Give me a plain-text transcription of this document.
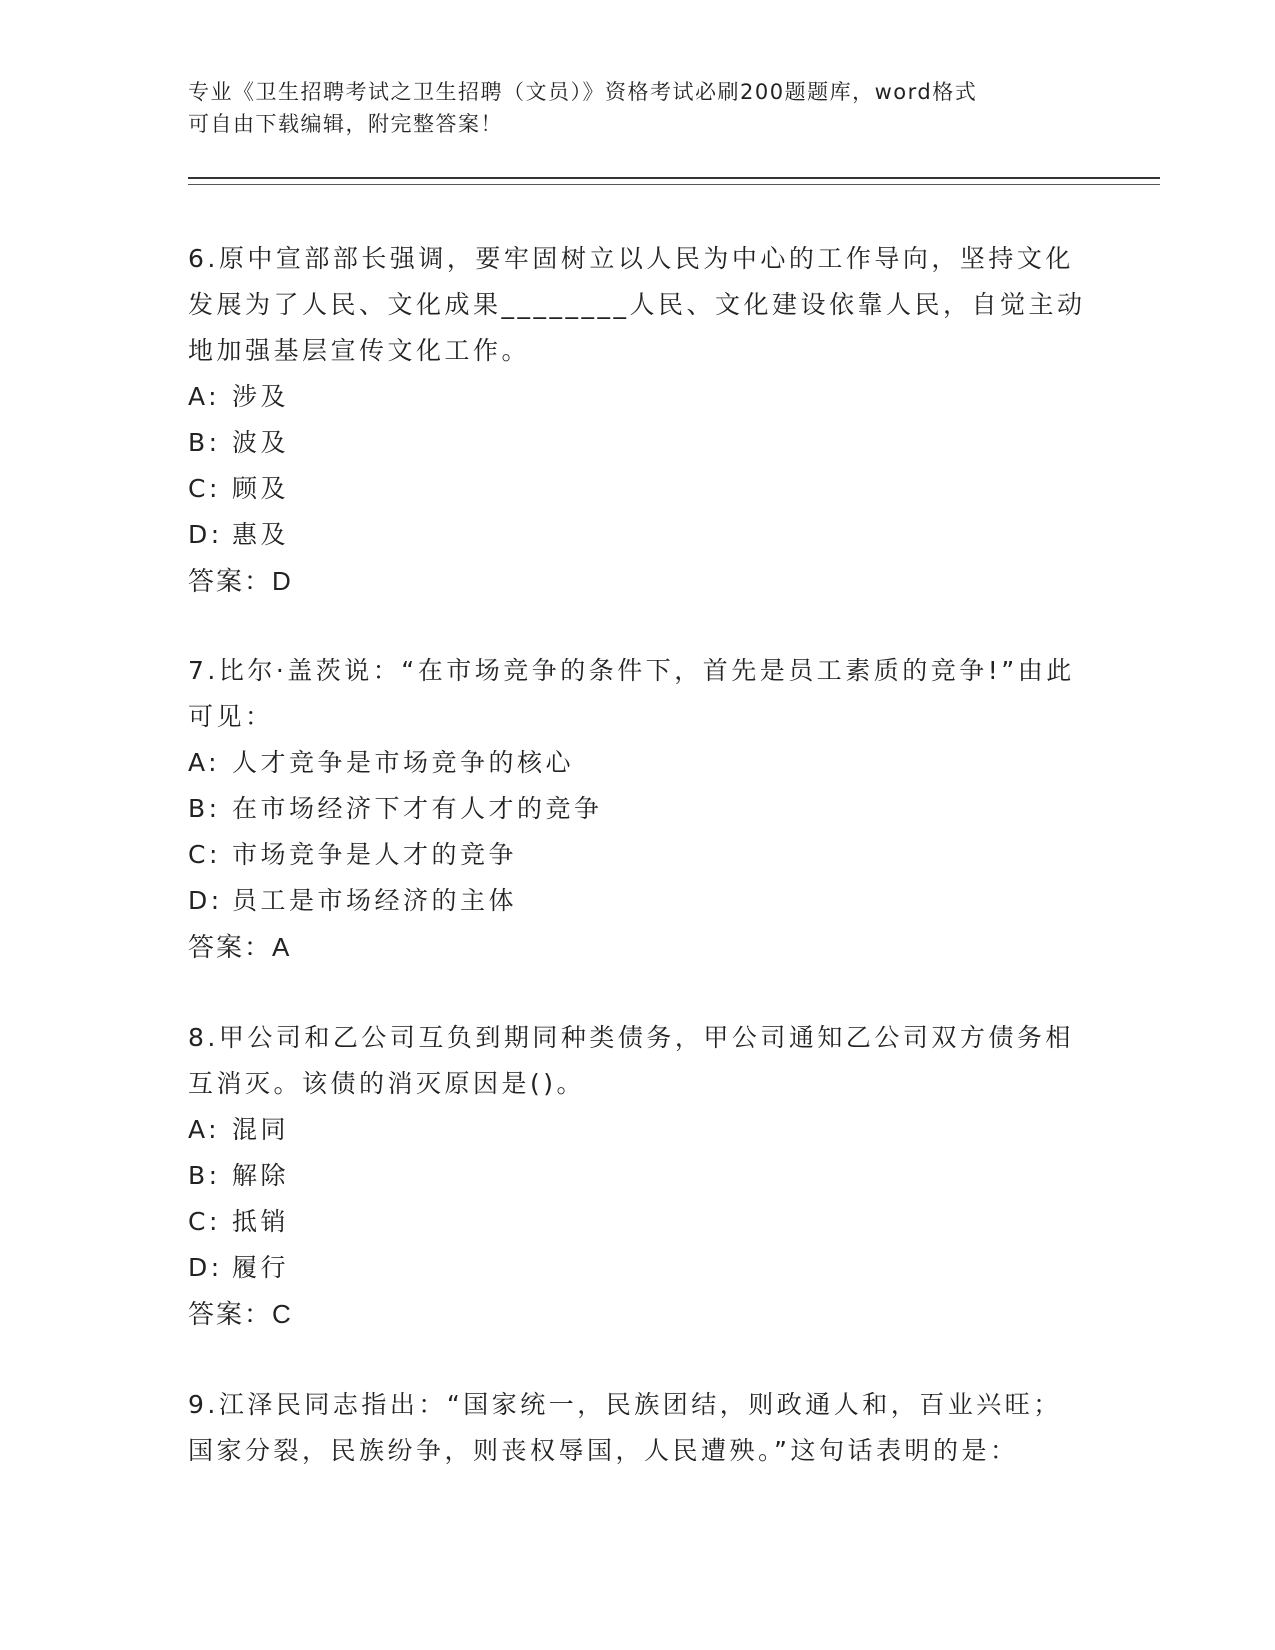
专业《卫生招聘考试之卫生招聘（文员）》资格考试必刷200题题库，word格式
可自由下载编辑，附完整答案！

6.原中宣部部长强调，要牢固树立以人民为中心的工作导向，坚持文化发展为了人民、文化成果________人民、文化建设依靠人民，自觉主动地加强基层宣传文化工作。

A: 涉及
B: 波及
C: 顾及
D: 惠及

答案：D

7.比尔·盖茨说：“在市场竞争的条件下，首先是员工素质的竞争!”由此可见：

A: 人才竞争是市场竞争的核心
B: 在市场经济下才有人才的竞争
C: 市场竞争是人才的竞争
D: 员工是市场经济的主体

答案：A

8.甲公司和乙公司互负到期同种类债务，甲公司通知乙公司双方债务相互消灭。该债的消灭原因是()。

A: 混同
B: 解除
C: 抵销
D: 履行

答案：C

9.江泽民同志指出：“国家统一，民族团结，则政通人和，百业兴旺；国家分裂，民族纷争，则丧权辱国，人民遭殃。”这句话表明的是：
